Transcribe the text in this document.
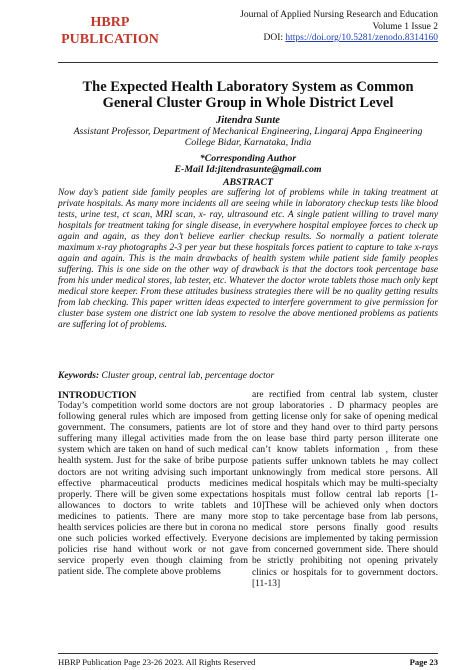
HBRP
PUBLICATION
Journal of Applied Nursing Research and Education
Volume 1 Issue 2
DOI: https://doi.org/10.5281/zenodo.8314160
The Expected Health Laboratory System as Common General Cluster Group in Whole District Level
Jitendra Sunte
Assistant Professor, Department of Mechanical Engineering, Lingaraj Appa Engineering College Bidar, Karnataka, India
*Corresponding Author
E-Mail Id:jitendrasunte@gmail.com
ABSTRACT

Now day’s patient side family peoples are suffering lot of problems while in taking treatment at private hospitals. As many more incidents all are seeing while in laboratory checkup tests like blood tests, urine test, ct scan, MRI scan, x- ray, ultrasound etc. A single patient willing to travel many hospitals for treatment taking for single disease, in everywhere hospital employee forces to check up again and again, as they don’t believe earlier checkup results. So normally a patient tolerate maximum x-ray photographs 2-3 per year but these hospitals forces patient to capture to take x-rays again and again. This is the main drawbacks of health system while patient side family peoples suffering. This is one side on the other way of drawback is that the doctors took percentage base from his under medical stores, lab tester, etc. Whatever the doctor wrote tablets those much only kept medical store keeper. From these attitudes business strategies there will be no quality getting results from lab checking. This paper written ideas expected to interfere government to give permission for cluster base system one district one lab system to resolve the above mentioned problems as patients are suffering lot of problems.

Keywords: Cluster group, central lab, percentage doctor
INTRODUCTION

Today’s competition world some doctors are not following general rules which are imposed from government. The consumers, patients are lot of suffering many illegal activities made from the system which are taken on hand of such medical health system. Just for the sake of bribe purpose doctors are not writing advising such important effective pharmaceutical products medicines properly. There will be given some expectations allowances to doctors to write tablets and medicines to patients. There are many more health services policies are there but in corona no one such policies worked effectively. Everyone policies rise hand without work or not gave service properly even though claiming from patient side. The complete above problems

are rectified from central lab system, cluster group laboratories . D pharmacy peoples are getting license only for sake of opening medical store and they hand over to third party persons on lease base third party person illiterate one can’t know tablets information , from these patients suffer unknown tablets he may collect unknowingly from medical store persons. All medical hospitals which may be multi-specialty hospitals must follow central lab reports [1-10]These will be achieved only when doctors stop to take percentage base from lab persons, medical store persons finally good results decisions are implemented by taking permission from concerned government side. There should be strictly prohibiting not opening privately clinics or hospitals for to government doctors.[11-13]

HBRP Publication Page 23-26 2023. All Rights Reserved	Page 23
